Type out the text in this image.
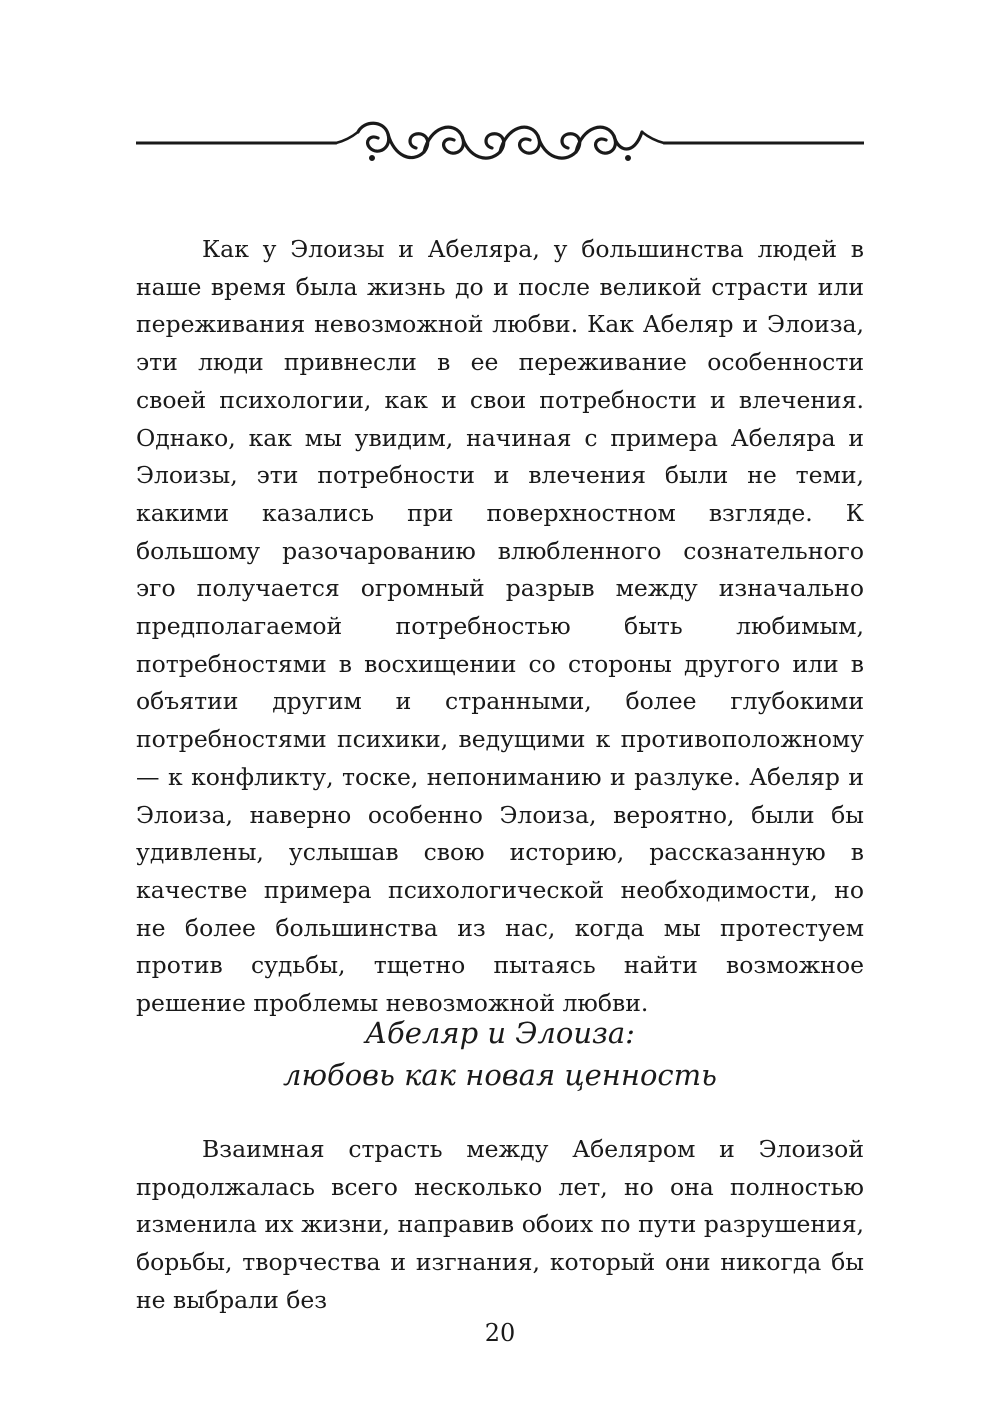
Как у Элоизы и Абеляра, у большинства людей в наше время была жизнь до и после великой страсти или переживания невозможной любви. Как Абеляр и Элоиза, эти люди привнесли в ее переживание особенности своей психологии, как и свои потребности и влечения. Однако, как мы увидим, начиная с примера Абеляра и Элоизы, эти потребности и влечения были не теми, какими казались при поверхностном взгляде. К большому разочарованию влюбленного сознательного эго получается огромный разрыв между изначально предполагаемой потребностью быть любимым, потребностями в восхищении со стороны другого или в объятии другим и странными, более глубокими потребностями психики, ведущими к противоположному — к конфликту, тоске, непониманию и разлуке. Абеляр и Элоиза, наверно особенно Элоиза, вероятно, были бы удивлены, услышав свою историю, рассказанную в качестве примера психологической необходимости, но не более большинства из нас, когда мы протестуем против судьбы, тщетно пытаясь найти возможное решение проблемы невозможной любви.

Абеляр и Элоиза:
любовь как новая ценность

Взаимная страсть между Абеляром и Элоизой продолжалась всего несколько лет, но она полностью изменила их жизни, направив обоих по пути разрушения, борьбы, творчества и изгнания, который они никогда бы не выбрали без

20
